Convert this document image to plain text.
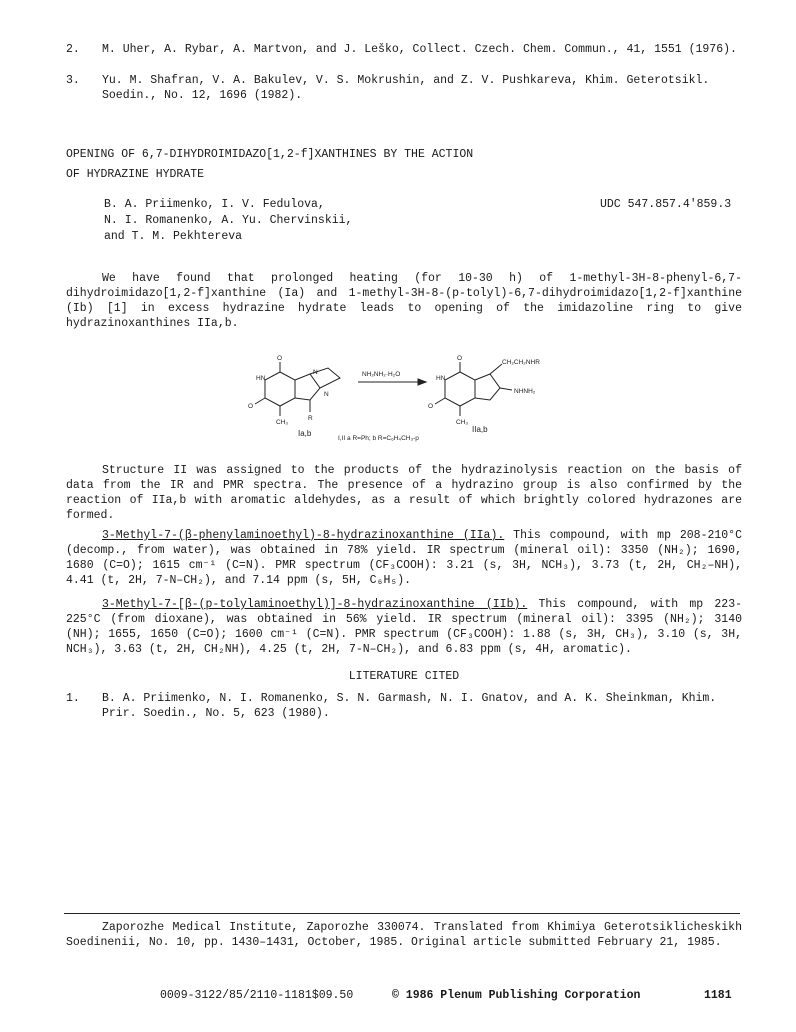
2.	M. Uher, A. Rybar, A. Martvon, and J. Leško, Collect. Czech. Chem. Commun., 41, 1551 (1976).
3.	Yu. M. Shafran, V. A. Bakulev, V. S. Mokrushin, and Z. V. Pushkareva, Khim. Geterotsikl. Soedin., No. 12, 1696 (1982).
OPENING OF 6,7-DIHYDROIMIDAZO[1,2-f]XANTHINES BY THE ACTION
OF HYDRAZINE HYDRATE
B. A. Priimenko, I. V. Fedulova,
N. I. Romanenko, A. Yu. Chervinskii,
and T. M. Pekhtereva
UDC 547.857.4'859.3
We have found that prolonged heating (for 10-30 h) of 1-methyl-3H-8-phenyl-6,7-dihydroimidazo[1,2-f]xanthine (Ia) and 1-methyl-3H-8-(p-tolyl)-6,7-dihydroimidazo[1,2-f]xanthine (Ib) [1] in excess hydrazine hydrate leads to opening of the imidazoline ring to give hydrazinoxanthines IIa,b.
O
HN
O
CH₃
R
N
N
Ia,b
NH₂NH₂·H₂O
O
HN
O
CH₃
CH₂CH₂NHR
NHNH₂
IIa,b
I,II a R=Ph; b R=C₆H₄CH₃-p
Structure II was assigned to the products of the hydrazinolysis reaction on the basis of data from the IR and PMR spectra. The presence of a hydrazino group is also confirmed by the reaction of IIa,b with aromatic aldehydes, as a result of which brightly colored hydrazones are formed.
3-Methyl-7-(β-phenylaminoethyl)-8-hydrazinoxanthine (IIa). This compound, with mp 208-210°C (decomp., from water), was obtained in 78% yield. IR spectrum (mineral oil): 3350 (NH₂); 1690, 1680 (C=O); 1615 cm⁻¹ (C=N). PMR spectrum (CF₃COOH): 3.21 (s, 3H, NCH₃), 3.73 (t, 2H, CH₂–NH), 4.41 (t, 2H, 7-N–CH₂), and 7.14 ppm (s, 5H, C₆H₅).
3-Methyl-7-[β-(p-tolylaminoethyl)]-8-hydrazinoxanthine (IIb). This compound, with mp 223-225°C (from dioxane), was obtained in 56% yield. IR spectrum (mineral oil): 3395 (NH₂); 3140 (NH); 1655, 1650 (C=O); 1600 cm⁻¹ (C=N). PMR spectrum (CF₃COOH): 1.88 (s, 3H, CH₃), 3.10 (s, 3H, NCH₃), 3.63 (t, 2H, CH₂NH), 4.25 (t, 2H, 7-N–CH₂), and 6.83 ppm (s, 4H, aromatic).
LITERATURE CITED
1.	B. A. Priimenko, N. I. Romanenko, S. N. Garmash, N. I. Gnatov, and A. K. Sheinkman, Khim. Prir. Soedin., No. 5, 623 (1980).
Zaporozhe Medical Institute, Zaporozhe 330074. Translated from Khimiya Geterotsiklicheskikh Soedinenii, No. 10, pp. 1430–1431, October, 1985. Original article submitted February 21, 1985.
0009-3122/85/2110-1181$09.50	© 1986 Plenum Publishing Corporation	1181
